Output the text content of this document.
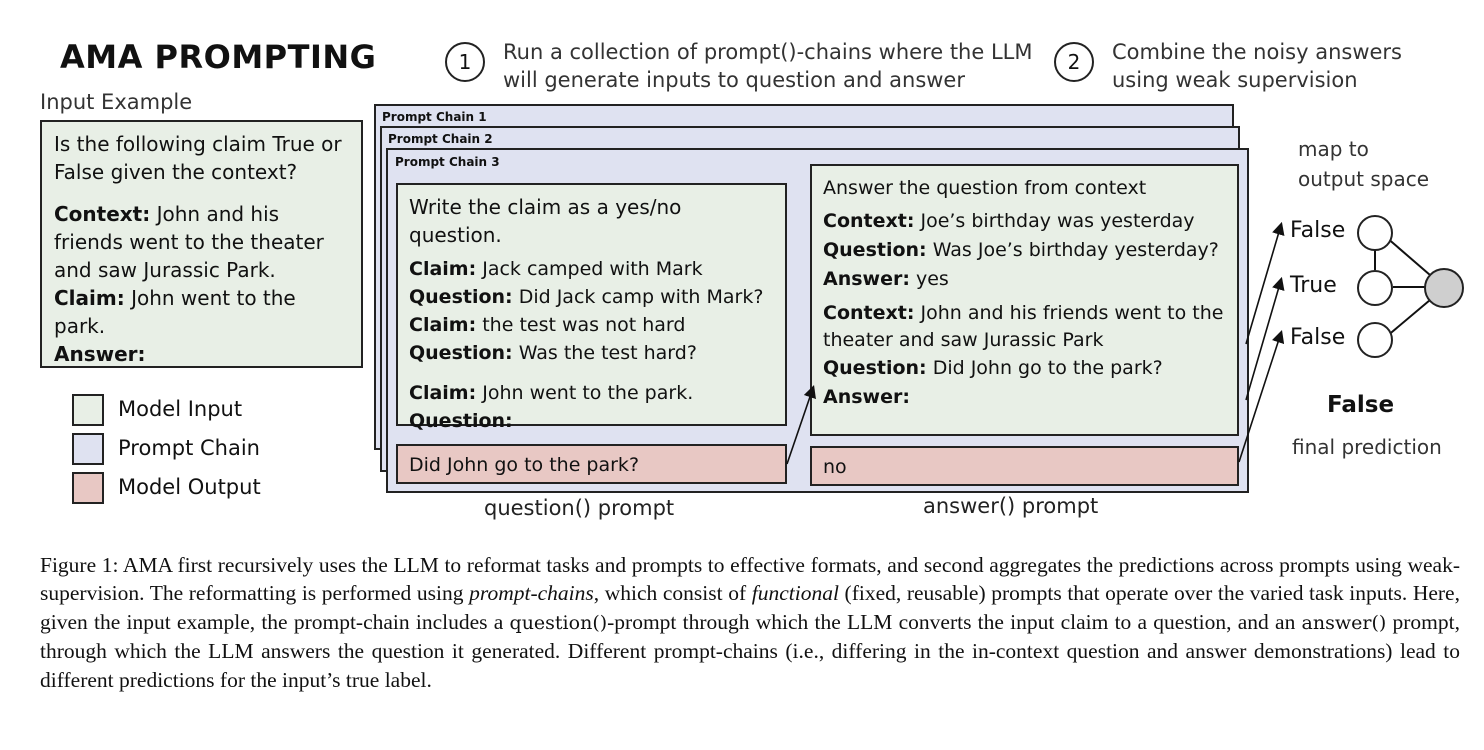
AMA PROMPTING
Input Example

Is the following claim True or False given the context?

Context: John and his friends went to the theater and saw Jurassic Park.

Claim: John went to the park.

Answer:

Model Input
Prompt Chain
Model Output
1	Run a collection of prompt()-chains where the LLM will generate inputs to question and answer
2	Combine the noisy answers using weak supervision
Prompt Chain 1
Prompt Chain 2
Prompt Chain 3

Write the claim as a yes/no question.

Claim: Jack camped with Mark

Question: Did Jack camp with Mark?

Claim: the test was not hard

Question: Was the test hard?

Claim: John went to the park.

Question:

Did John go to the park?
question() prompt

Answer the question from context

Context: Joe’s birthday was yesterday

Question: Was Joe’s birthday yesterday?

Answer: yes

Context: John and his friends went to the theater and saw Jurassic Park

Question: Did John go to the park?

Answer:

no
answer() prompt
map to output space
False
True
False
False
final prediction
Figure 1: AMA first recursively uses the LLM to reformat tasks and prompts to effective formats, and second aggregates the predictions across prompts using weak-supervision. The reformatting is performed using prompt-chains, which consist of functional (fixed, reusable) prompts that operate over the varied task inputs. Here, given the input example, the prompt-chain includes a question()-prompt through which the LLM converts the input claim to a question, and an answer() prompt, through which the LLM answers the question it generated. Different prompt-chains (i.e., differing in the in-context question and answer demonstrations) lead to different predictions for the input’s true label.
